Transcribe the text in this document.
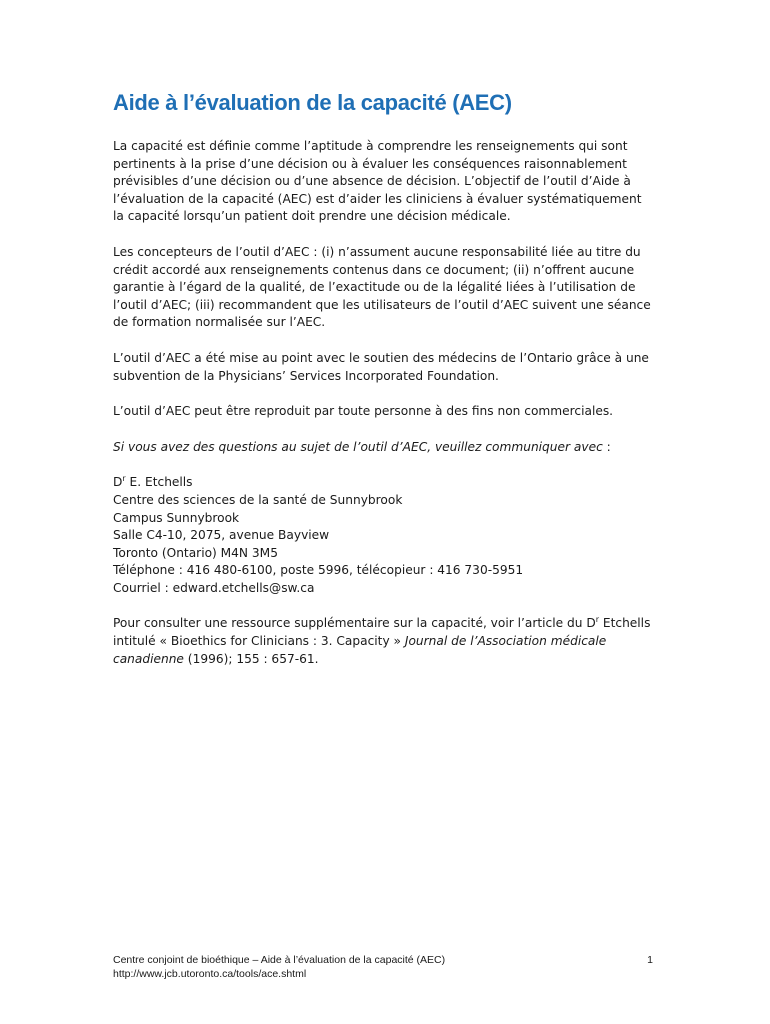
Aide à l’évaluation de la capacité (AEC)

La capacité est définie comme l’aptitude à comprendre les renseignements qui sont pertinents à la prise d’une décision ou à évaluer les conséquences raisonnablement prévisibles d’une décision ou d’une absence de décision. L’objectif de l’outil d’Aide à l’évaluation de la capacité (AEC) est d’aider les cliniciens à évaluer systématiquement la capacité lorsqu’un patient doit prendre une décision médicale.

Les concepteurs de l’outil d’AEC : (i) n’assument aucune responsabilité liée au titre du crédit accordé aux renseignements contenus dans ce document; (ii) n’offrent aucune garantie à l’égard de la qualité, de l’exactitude ou de la légalité liées à l’utilisation de l’outil d’AEC; (iii) recommandent que les utilisateurs de l’outil d’AEC suivent une séance de formation normalisée sur l’AEC.

L’outil d’AEC a été mise au point avec le soutien des médecins de l’Ontario grâce à une subvention de la Physicians’ Services Incorporated Foundation.

L’outil d’AEC peut être reproduit par toute personne à des fins non commerciales.

Si vous avez des questions au sujet de l’outil d’AEC, veuillez communiquer avec :

$D^r$ E. Etchells
Centre des sciences de la santé de Sunnybrook
Campus Sunnybrook
Salle C4-10, 2075, avenue Bayview
Toronto (Ontario) M4N 3M5
Téléphone : 416 480-6100, poste 5996, télécopieur : 416 730-5951
Courriel : edward.etchells@sw.ca

Pour consulter une ressource supplémentaire sur la capacité, voir l’article du $D^r$ Etchells intitulé « Bioethics for Clinicians : 3. Capacity » Journal de l’Association médicale canadienne (1996); 155 : 657-61.

Centre conjoint de bioéthique – Aide à l’évaluation de la capacité (AEC)
http://www.jcb.utoronto.ca/tools/ace.shtml
1
